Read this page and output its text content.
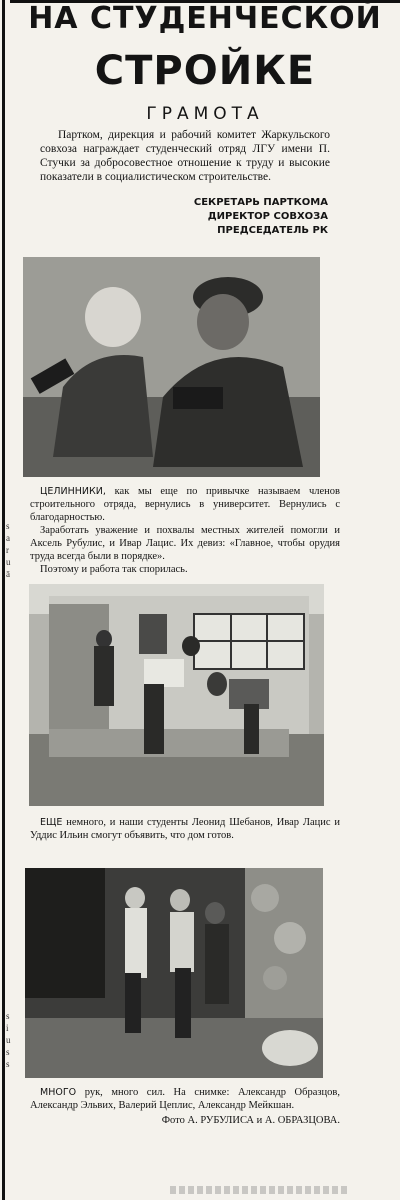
s
a
r
u
ā
s
i
u
s
s
НА СТУДЕНЧЕСКОЙ
СТРОЙКЕ
ГРАМОТА
Партком, дирекция и рабочий комитет Жаркульского совхоза награждает студенческий отряд ЛГУ имени П. Стучки за добросовестное отношение к труду и высокие показатели в социалистическом строительстве.
СЕКРЕТАРЬ ПАРТКОМА
ДИРЕКТОР СОВХОЗА
ПРЕДСЕДАТЕЛЬ РК

ЦЕЛИННИКИ, как мы еще по привычке называем членов строительного отряда, вернулись в университет. Вернулись с благодарностью.

Заработать уважение и похвалы местных жителей помогли и Аксель Рубулис, и Ивар Лацис. Их девиз: «Главное, чтобы орудия труда всегда были в порядке».

Поэтому и работа так спорилась.

ЕЩЕ немного, и наши студенты Леонид Шебанов, Ивар Лацис и Уддис Ильин смогут объявить, что дом готов.

МНОГО рук, много сил. На снимке: Александр Образцов, Александр Эльвих, Валерий Цеплис, Александр Мейкшан.

Фото А. РУБУЛИСА и А. ОБРАЗЦОВА.
